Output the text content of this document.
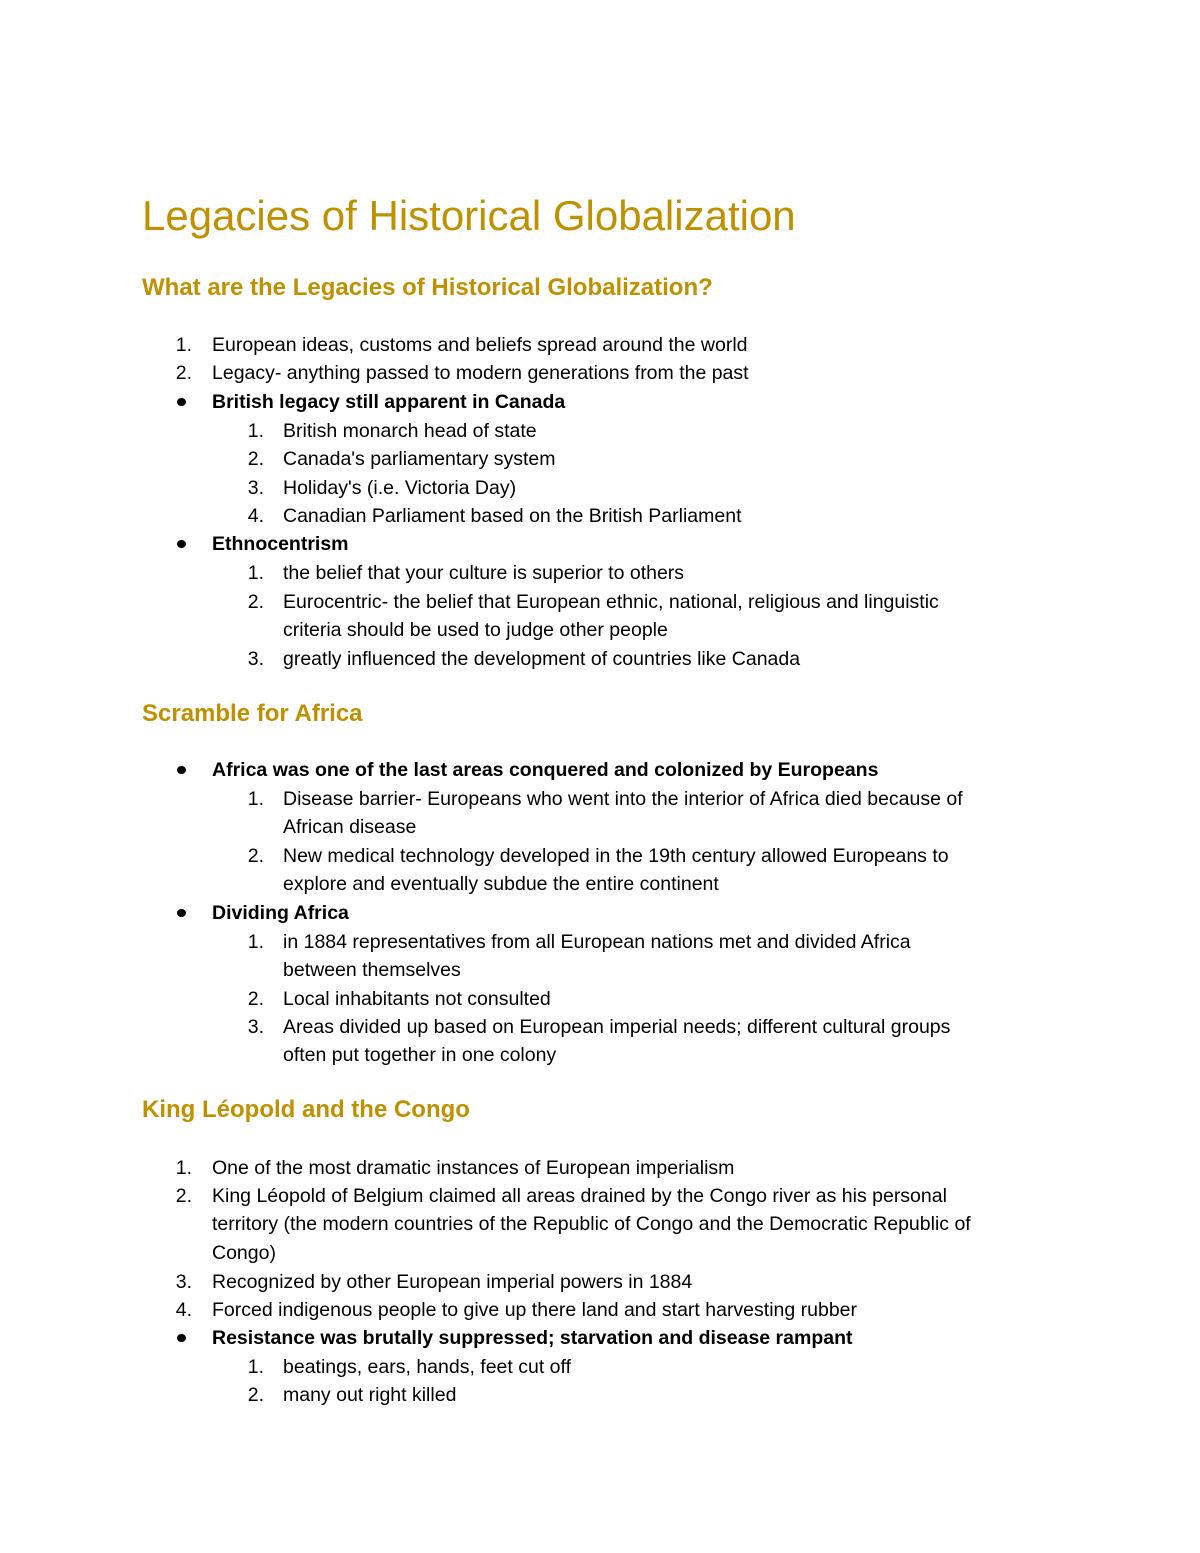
Legacies of Historical Globalization
What are the Legacies of Historical Globalization?
1. European ideas, customs and beliefs spread around the world
2. Legacy- anything passed to modern generations from the past
British legacy still apparent in Canada
1. British monarch head of state
2. Canada's parliamentary system
3. Holiday's (i.e. Victoria Day)
4. Canadian Parliament based on the British Parliament
Ethnocentrism
1. the belief that your culture is superior to others
2. Eurocentric- the belief that European ethnic, national, religious and linguistic
criteria should be used to judge other people
3. greatly influenced the development of countries like Canada
Scramble for Africa
Africa was one of the last areas conquered and colonized by Europeans
1. Disease barrier- Europeans who went into the interior of Africa died because of
African disease
2. New medical technology developed in the 19th century allowed Europeans to
explore and eventually subdue the entire continent
Dividing Africa
1. in 1884 representatives from all European nations met and divided Africa
between themselves
2. Local inhabitants not consulted
3. Areas divided up based on European imperial needs; different cultural groups
often put together in one colony
King Léopold and the Congo
1. One of the most dramatic instances of European imperialism
2. King Léopold of Belgium claimed all areas drained by the Congo river as his personal
territory (the modern countries of the Republic of Congo and the Democratic Republic of
Congo)
3. Recognized by other European imperial powers in 1884
4. Forced indigenous people to give up there land and start harvesting rubber
Resistance was brutally suppressed; starvation and disease rampant
1. beatings, ears, hands, feet cut off
2. many out right killed
